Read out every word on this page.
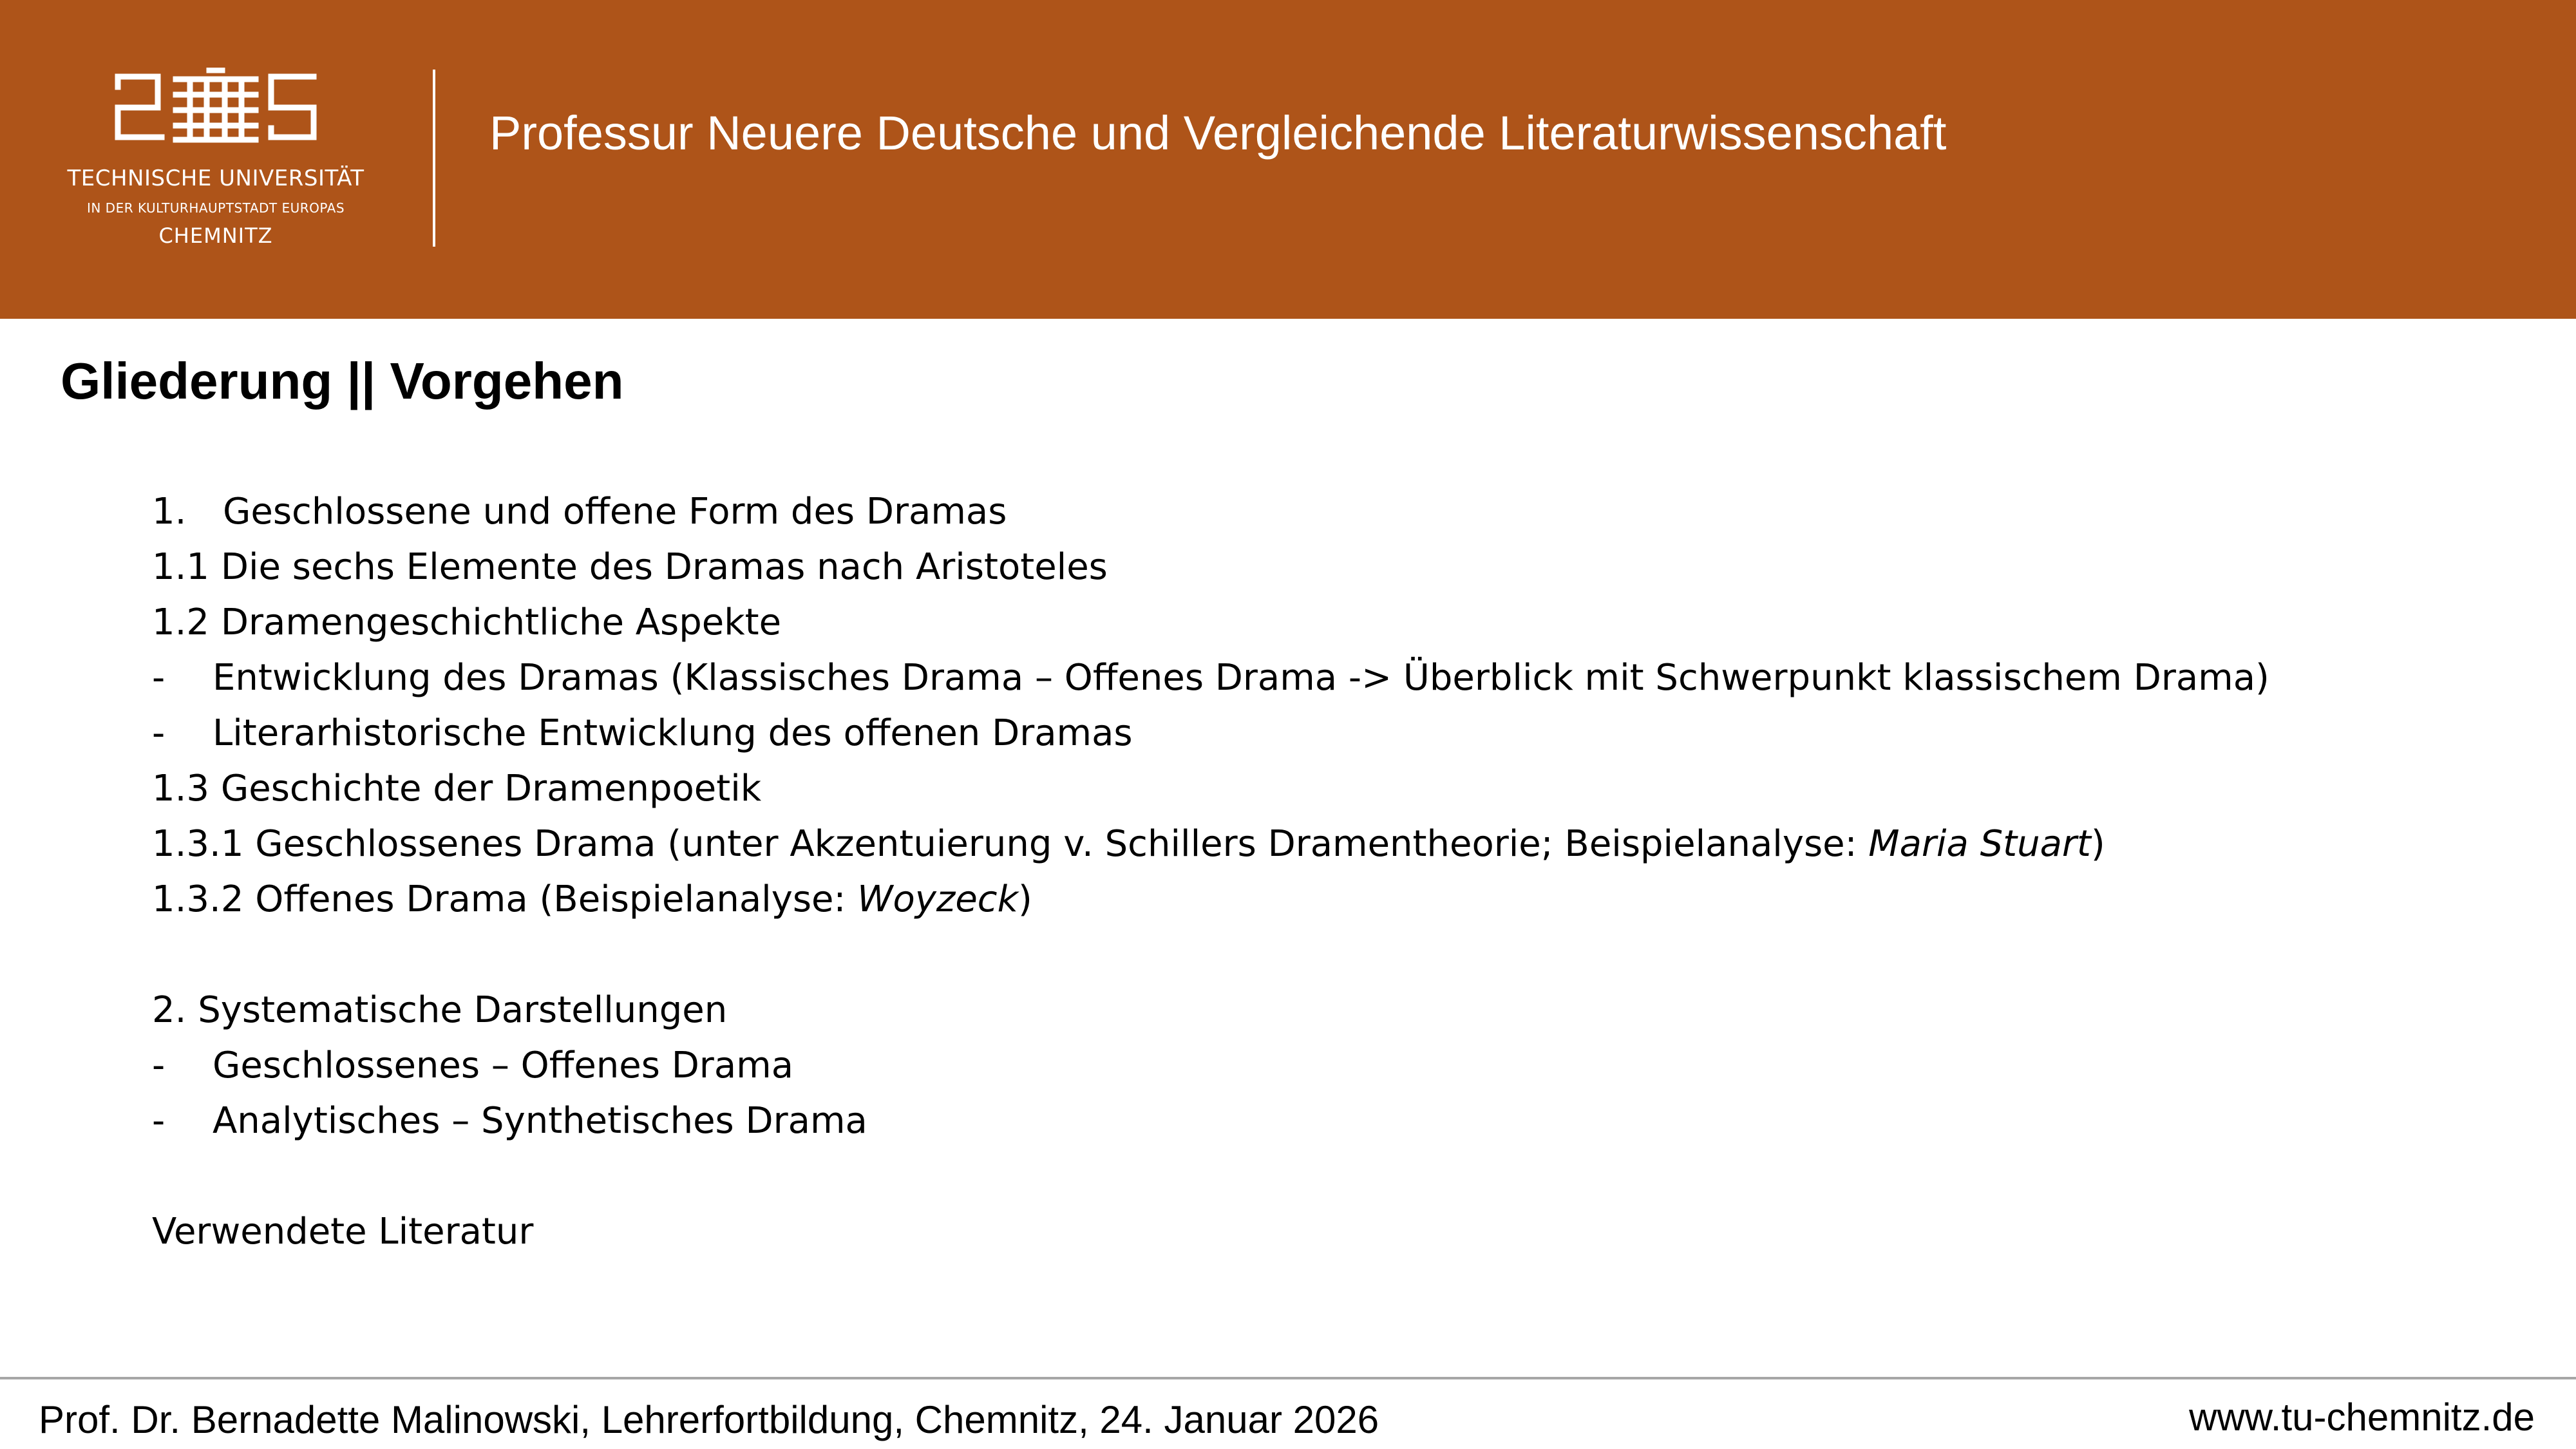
TECHNISCHE UNIVERSITÄT
IN DER KULTURHAUPTSTADT EUROPAS
CHEMNITZ
Professur Neuere Deutsche und Vergleichende Literaturwissenschaft
Gliederung || Vorgehen
1. Geschlossene und offene Form des Dramas
1.1 Die sechs Elemente des Dramas nach Aristoteles
1.2 Dramengeschichtliche Aspekte
- Entwicklung des Dramas (Klassisches Drama – Offenes Drama -> Überblick mit Schwerpunkt klassischem Drama)
- Literarhistorische Entwicklung des offenen Dramas
1.3 Geschichte der Dramenpoetik
1.3.1 Geschlossenes Drama (unter Akzentuierung v. Schillers Dramentheorie; Beispielanalyse: Maria Stuart)
1.3.2 Offenes Drama (Beispielanalyse: Woyzeck)
2. Systematische Darstellungen
- Geschlossenes – Offenes Drama
- Analytisches – Synthetisches Drama
Verwendete Literatur
Prof. Dr. Bernadette Malinowski, Lehrerfortbildung, Chemnitz, 24. Januar 2026	www.tu-chemnitz.de
